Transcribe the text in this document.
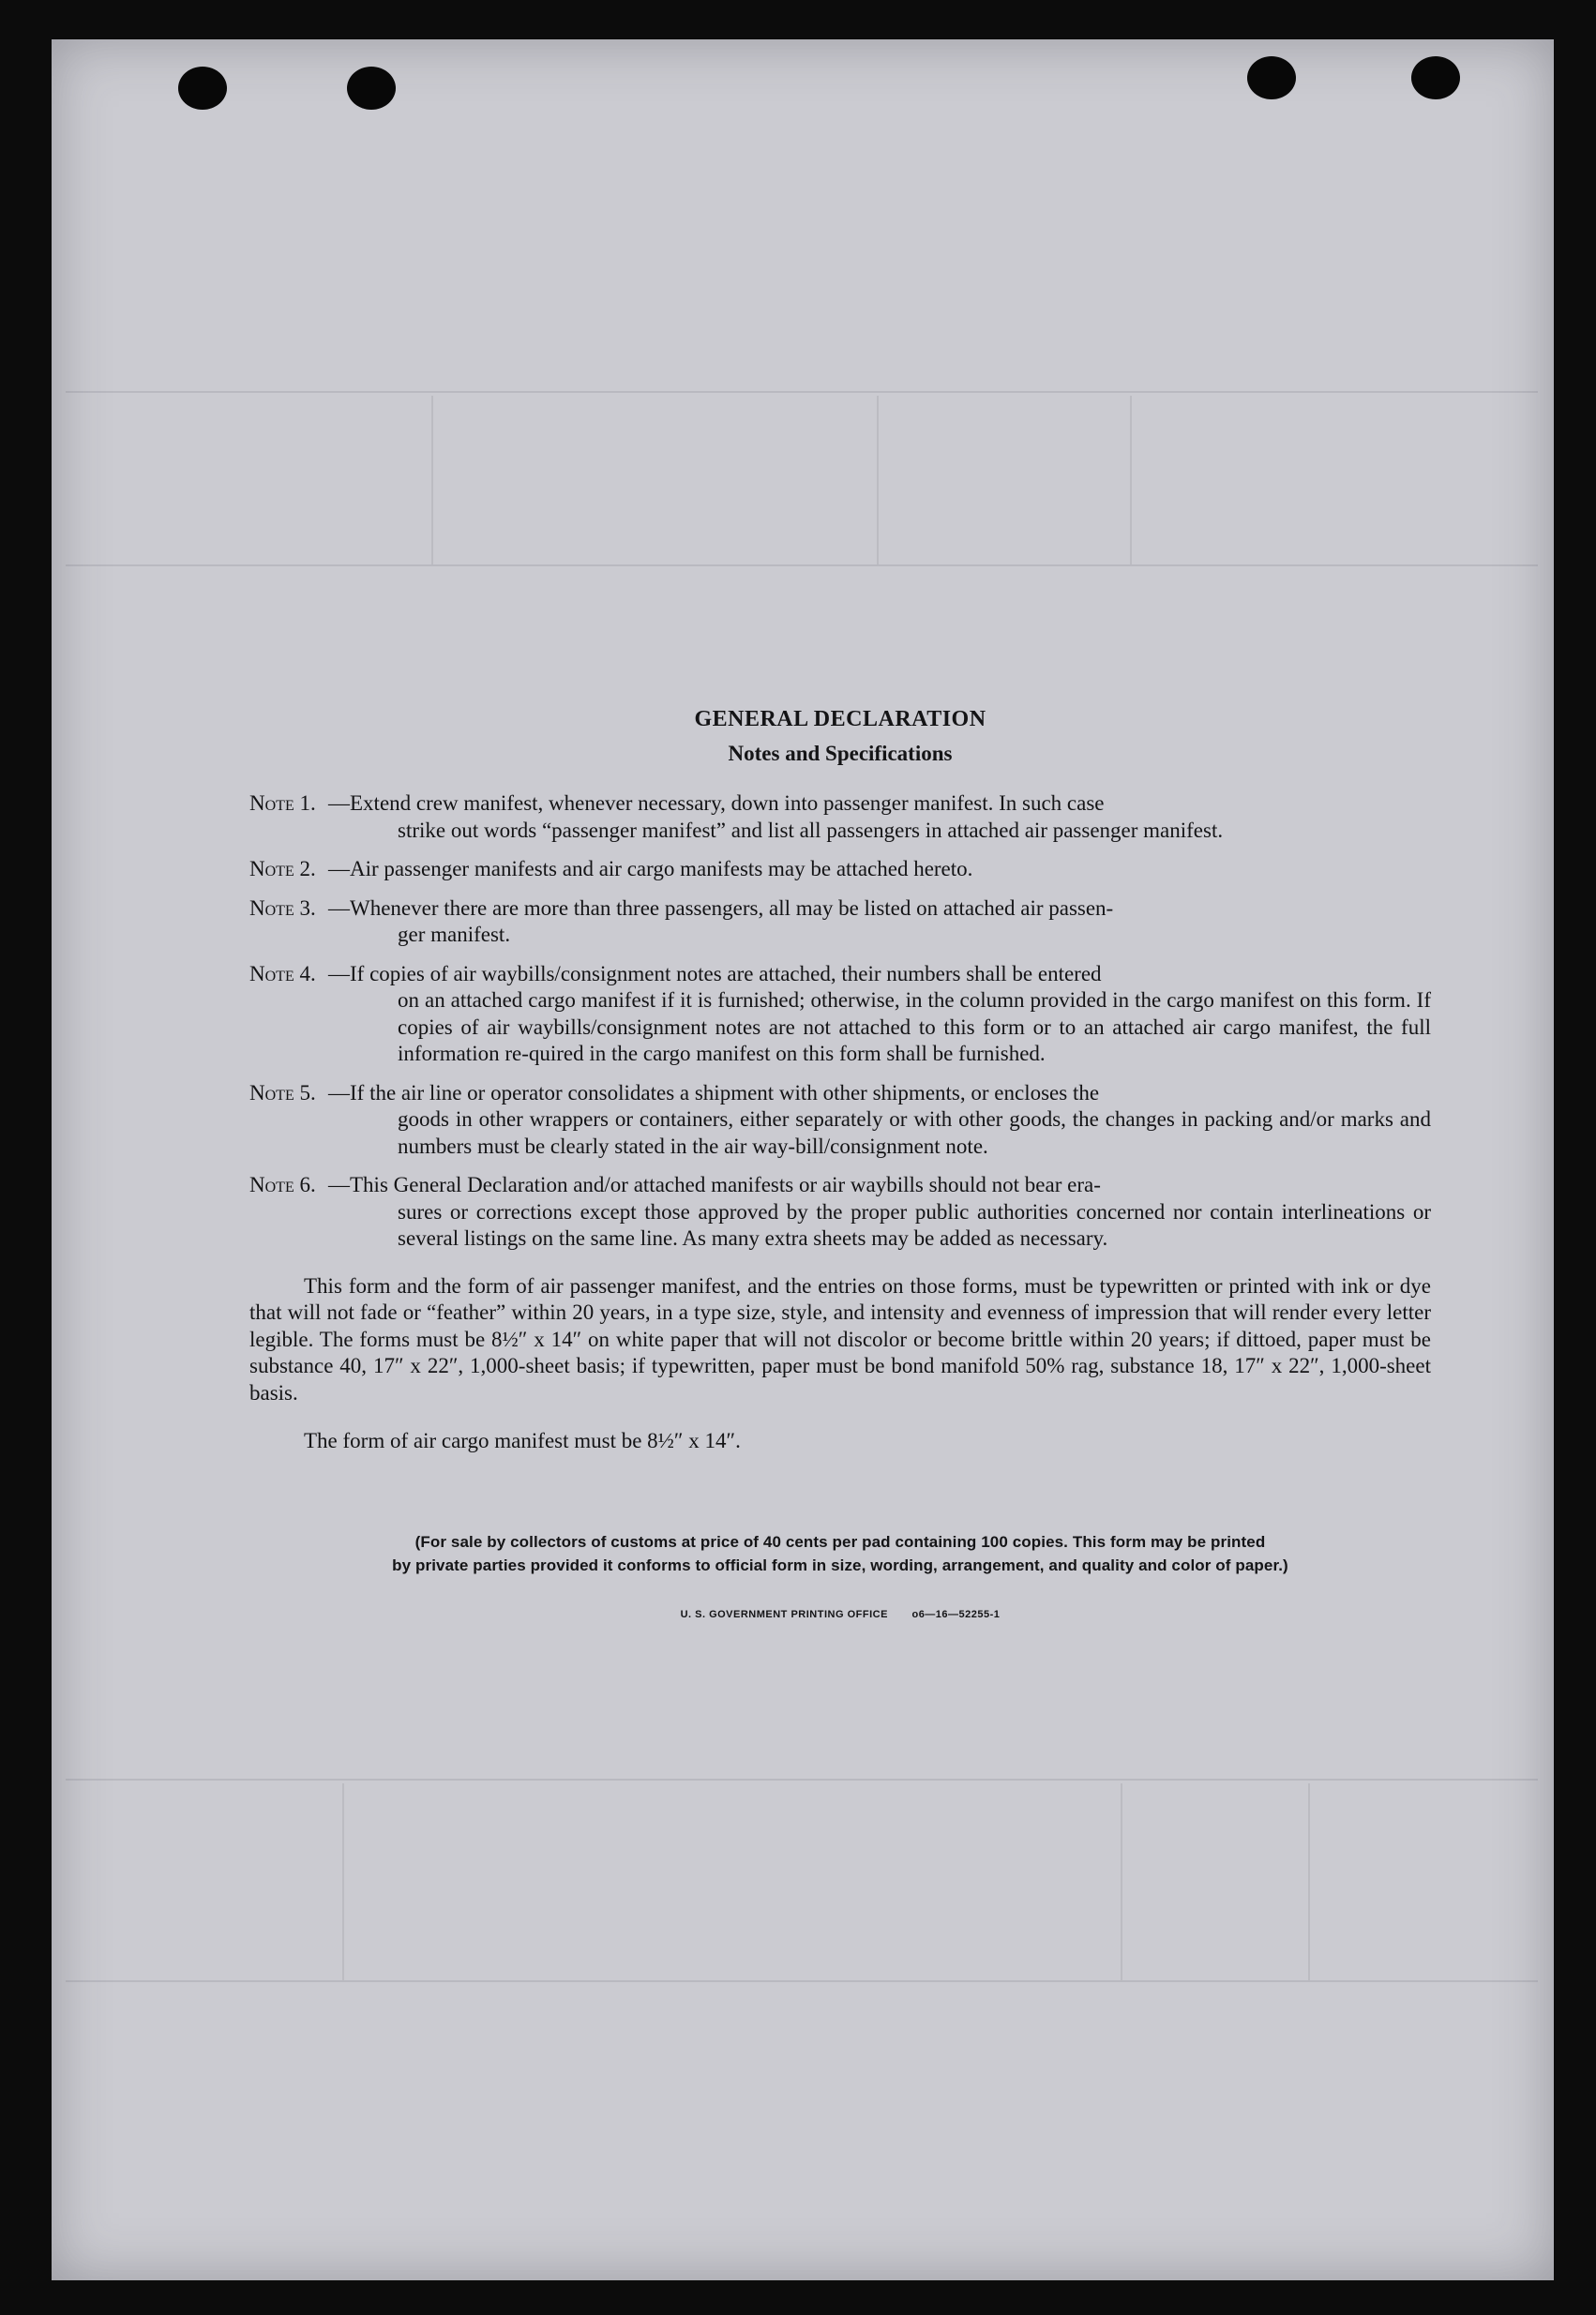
GENERAL DECLARATION
Notes and Specifications
Note 1. —Extend crew manifest, whenever necessary, down into passenger manifest. In such case
strike out words “passenger manifest” and list all passengers in attached air passenger manifest.
Note 2. —Air passenger manifests and air cargo manifests may be attached hereto.
Note 3. —Whenever there are more than three passengers, all may be listed on attached air passen-
ger manifest.
Note 4. —If copies of air waybills/consignment notes are attached, their numbers shall be entered
on an attached cargo manifest if it is furnished; otherwise, in the column provided in the cargo manifest on this form. If copies of air waybills/consignment notes are not attached to this form or to an attached air cargo manifest, the full information re-quired in the cargo manifest on this form shall be furnished.
Note 5. —If the air line or operator consolidates a shipment with other shipments, or encloses the
goods in other wrappers or containers, either separately or with other goods, the changes in packing and/or marks and numbers must be clearly stated in the air way-bill/consignment note.
Note 6. —This General Declaration and/or attached manifests or air waybills should not bear era-
sures or corrections except those approved by the proper public authorities concerned nor contain interlineations or several listings on the same line. As many extra sheets may be added as necessary.

This form and the form of air passenger manifest, and the entries on those forms, must be typewritten or printed with ink or dye that will not fade or “feather” within 20 years, in a type size, style, and intensity and evenness of impression that will render every letter legible. The forms must be 8½″ x 14″ on white paper that will not discolor or become brittle within 20 years; if dittoed, paper must be substance 40, 17″ x 22″, 1,000-sheet basis; if typewritten, paper must be bond manifold 50% rag, substance 18, 17″ x 22″, 1,000-sheet basis.

The form of air cargo manifest must be 8½″ x 14″.

(For sale by collectors of customs at price of 40 cents per pad containing 100 copies. This form may be printed
by private parties provided it conforms to official form in size, wording, arrangement, and quality and color of paper.)
U. S. GOVERNMENT PRINTING OFFICE o6—16—52255-1
